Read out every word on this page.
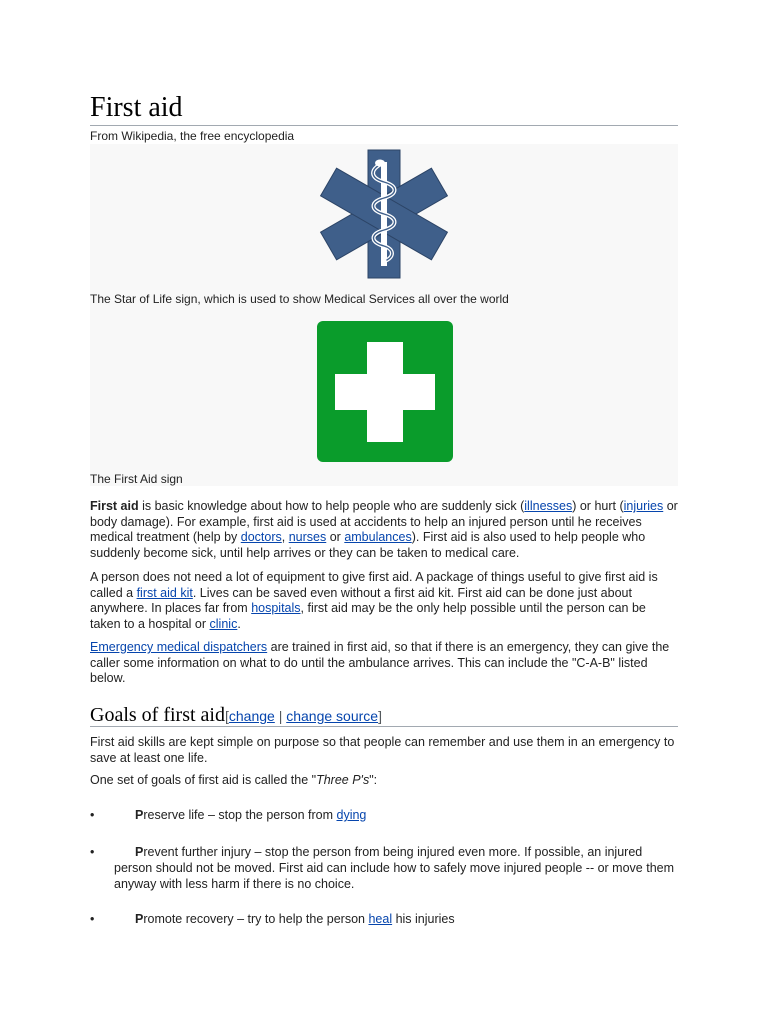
First aid
From Wikipedia, the free encyclopedia
The Star of Life sign, which is used to show Medical Services all over the world
The First Aid sign

First aid is basic knowledge about how to help people who are suddenly sick (illnesses) or hurt (injuries or body damage). For example, first aid is used at accidents to help an injured person until he receives medical treatment (help by doctors, nurses or ambulances). First aid is also used to help people who suddenly become sick, until help arrives or they can be taken to medical care.

A person does not need a lot of equipment to give first aid. A package of things useful to give first aid is called a first aid kit. Lives can be saved even without a first aid kit. First aid can be done just about anywhere. In places far from hospitals, first aid may be the only help possible until the person can be taken to a hospital or clinic.

Emergency medical dispatchers are trained in first aid, so that if there is an emergency, they can give the caller some information on what to do until the ambulance arrives. This can include the "C-A-B" listed below.

Goals of first aid[change | change source]

First aid skills are kept simple on purpose so that people can remember and use them in an emergency to save at least one life.

One set of goals of first aid is called the "Three P's":

•	Preserve life – stop the person from dying
•	Prevent further injury – stop the person from being injured even more. If possible, an injured person should not be moved. First aid can include how to safely move injured people -- or move them anyway with less harm if there is no choice.
•	Promote recovery – try to help the person heal his injuries
